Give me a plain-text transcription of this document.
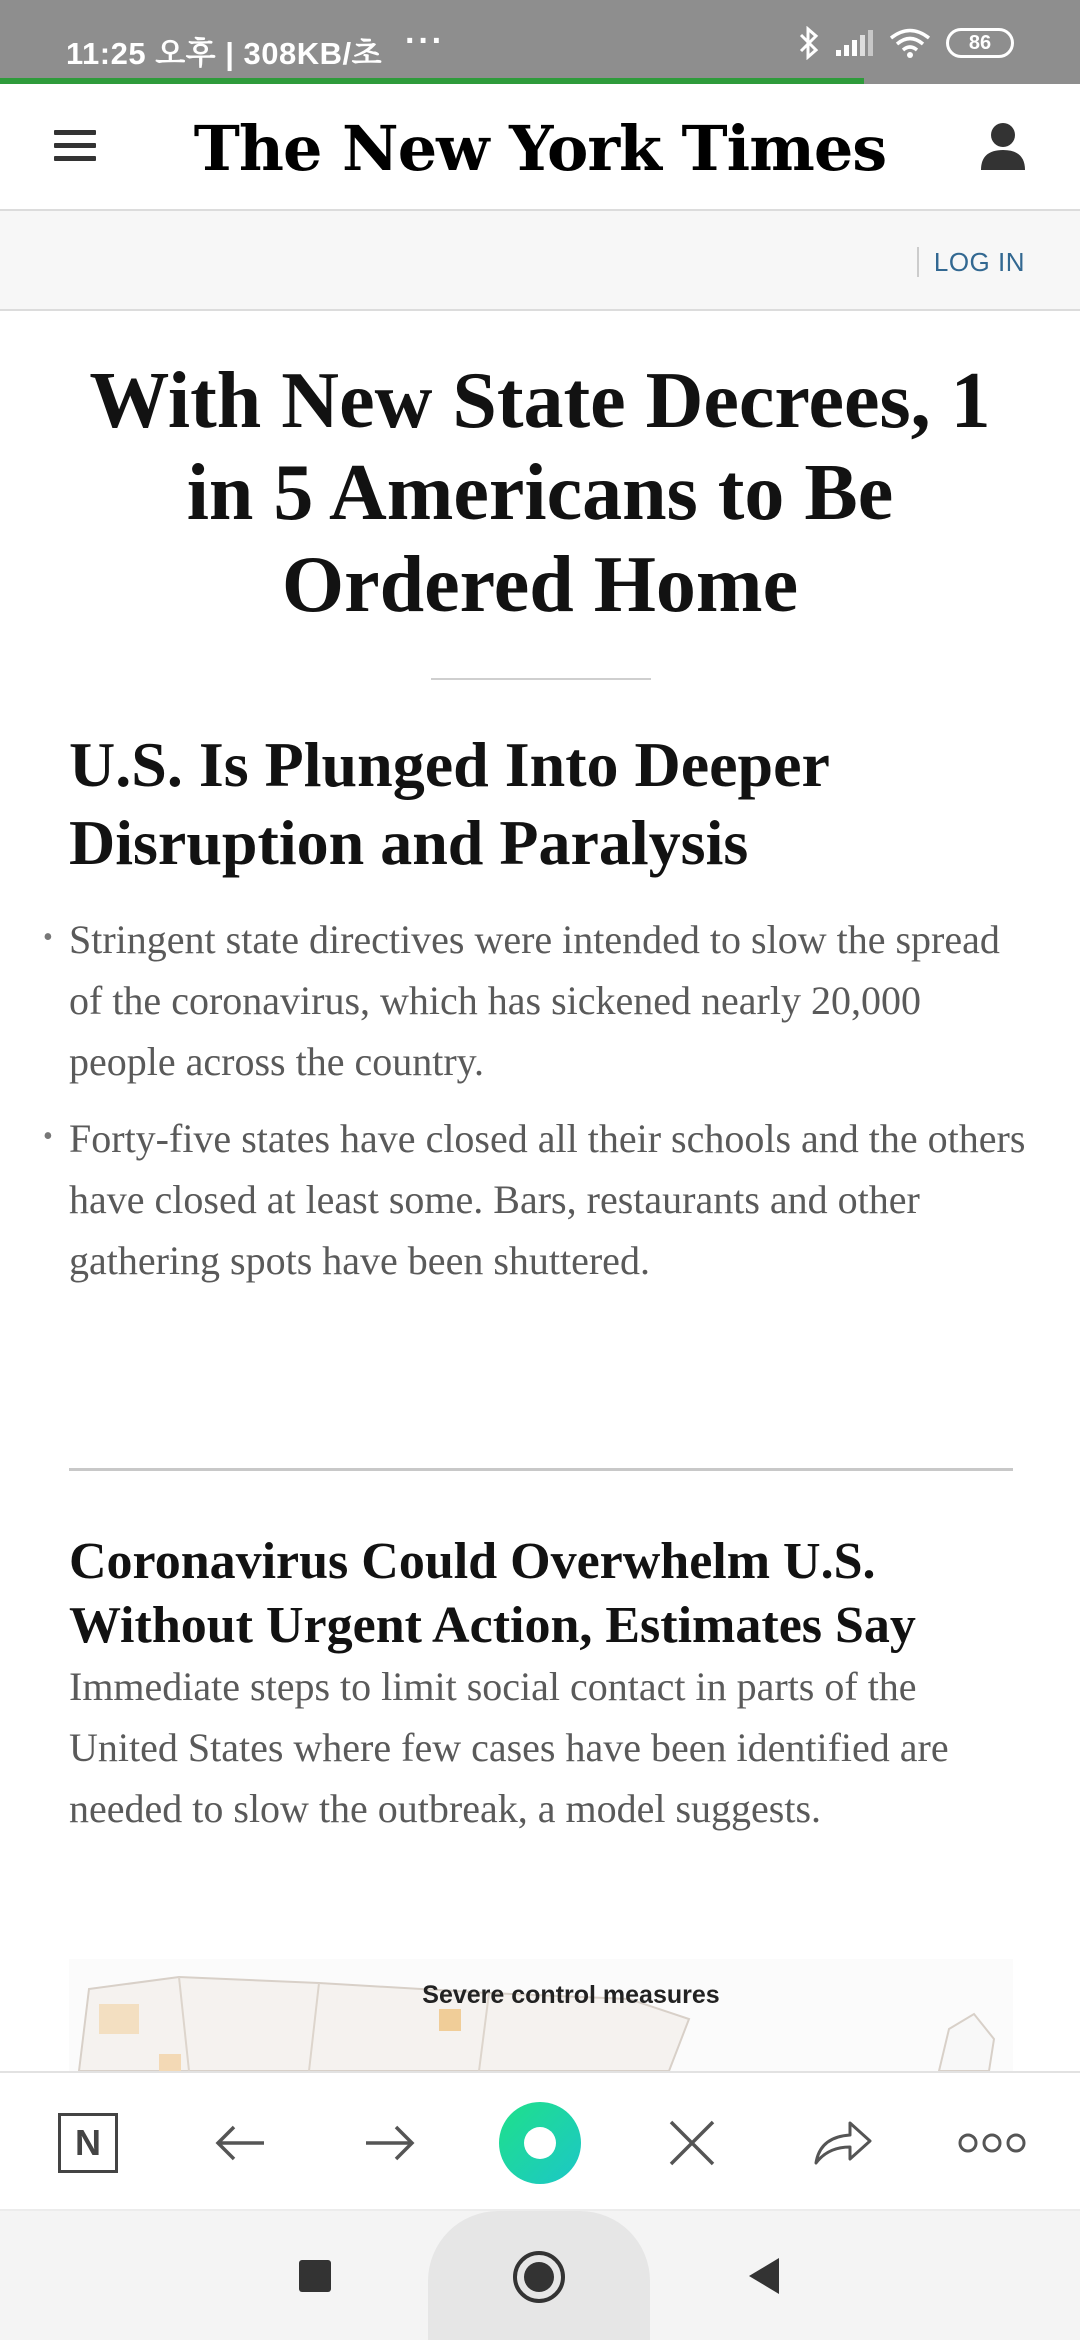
11:25 오후 | 308KB/초 ···	86
The New York Times
LOG IN
With New State Decrees, 1 in 5 Americans to Be Ordered Home
U.S. Is Plunged Into Deeper Disruption and Paralysis
• Stringent state directives were intended to slow the spread of the coronavirus, which has sickened nearly 20,000 people across the country.
• Forty-five states have closed all their schools and the others have closed at least some. Bars, restaurants and other gathering spots have been shuttered.
Coronavirus Could Overwhelm U.S. Without Urgent Action, Estimates Say

Immediate steps to limit social contact in parts of the United States where few cases have been identified are needed to slow the outbreak, a model suggests.

Severe control measures
N
